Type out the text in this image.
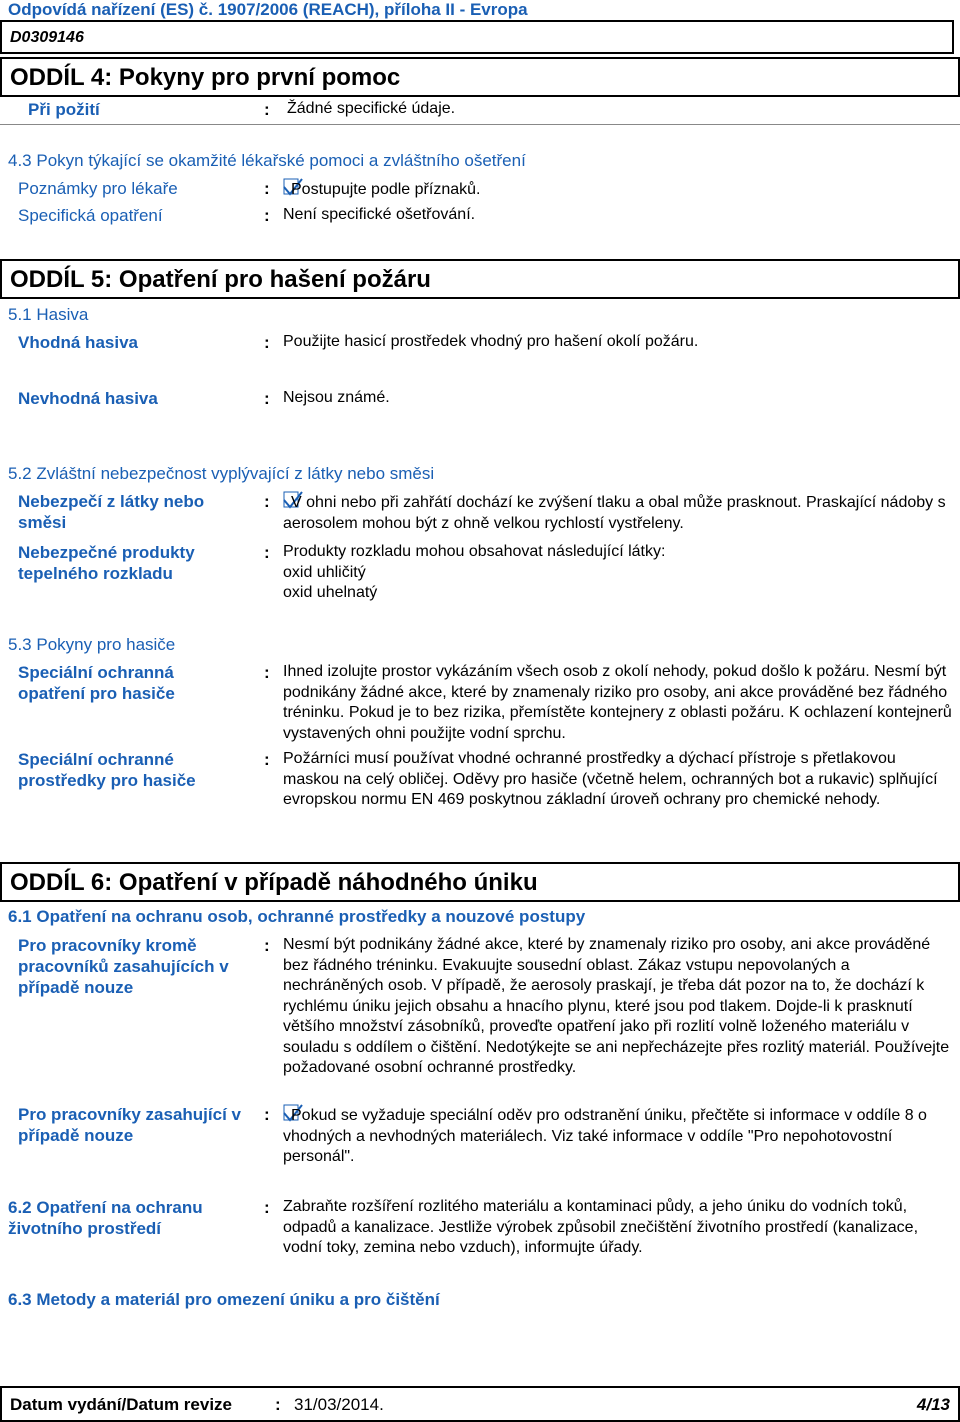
Odpovídá nařízení (ES) č. 1907/2006 (REACH), příloha II - Evropa
D0309146
ODDÍL 4: Pokyny pro první pomoc
Při požití	: Žádné specifické údaje.
4.3 Pokyn týkající se okamžité lékařské pomoci a zvláštního ošetření
Poznámky pro lékaře	:	Postupujte podle příznaků.
Specifická opatření	: Není specifické ošetřování.
ODDÍL 5: Opatření pro hašení požáru
5.1 Hasiva
Vhodná hasiva	: Použijte hasicí prostředek vhodný pro hašení okolí požáru.
Nevhodná hasiva	: Nejsou známé.
5.2 Zvláštní nebezpečnost vyplývající z látky nebo směsi
Nebezpečí z látky nebo směsi
:	V ohni nebo při zahřátí dochází ke zvýšení tlaku a obal může prasknout. Praskající nádoby s aerosolem mohou být z ohně velkou rychlostí vystřeleny.
Nebezpečné produkty tepelného rozkladu
: Produkty rozkladu mohou obsahovat následující látky:
oxid uhličitý
oxid uhelnatý
5.3 Pokyny pro hasiče
Speciální ochranná opatření pro hasiče
: Ihned izolujte prostor vykázáním všech osob z okolí nehody, pokud došlo k požáru. Nesmí být podnikány žádné akce, které by znamenaly riziko pro osoby, ani akce prováděné bez řádného tréninku. Pokud je to bez rizika, přemístěte kontejnery z oblasti požáru. K ochlazení kontejnerů vystavených ohni použijte vodní sprchu.
Speciální ochranné prostředky pro hasiče
: Požárníci musí používat vhodné ochranné prostředky a dýchací přístroje s přetlakovou maskou na celý obličej. Oděvy pro hasiče (včetně helem, ochranných bot a rukavic) splňující evropskou normu EN 469 poskytnou základní úroveň ochrany pro chemické nehody.
ODDÍL 6: Opatření v případě náhodného úniku
6.1 Opatření na ochranu osob, ochranné prostředky a nouzové postupy
Pro pracovníky kromě pracovníků zasahujících v případě nouze
: Nesmí být podnikány žádné akce, které by znamenaly riziko pro osoby, ani akce prováděné bez řádného tréninku. Evakuujte sousední oblast. Zákaz vstupu nepovolaných a nechráněných osob. V případě, že aerosoly praskají, je třeba dát pozor na to, že dochází k rychlému úniku jejich obsahu a hnacího plynu, které jsou pod tlakem. Dojde-li k prasknutí většího množství zásobníků, proveďte opatření jako při rozlití volně loženého materiálu v souladu s oddílem o čištění. Nedotýkejte se ani nepřecházejte přes rozlitý materiál. Používejte požadované osobní ochranné prostředky.
Pro pracovníky zasahující v případě nouze
:	Pokud se vyžaduje speciální oděv pro odstranění úniku, přečtěte si informace v oddíle 8 o vhodných a nevhodných materiálech. Viz také informace v oddíle "Pro nepohotovostní personál".
6.2 Opatření na ochranu životního prostředí
: Zabraňte rozšíření rozlitého materiálu a kontaminaci půdy, a jeho úniku do vodních toků, odpadů a kanalizace. Jestliže výrobek způsobil znečištění životního prostředí (kanalizace, vodní toky, zemina nebo vzduch), informujte úřady.
6.3 Metody a materiál pro omezení úniku a pro čištění
Datum vydání/Datum revize	: 31/03/2014.	4/13
